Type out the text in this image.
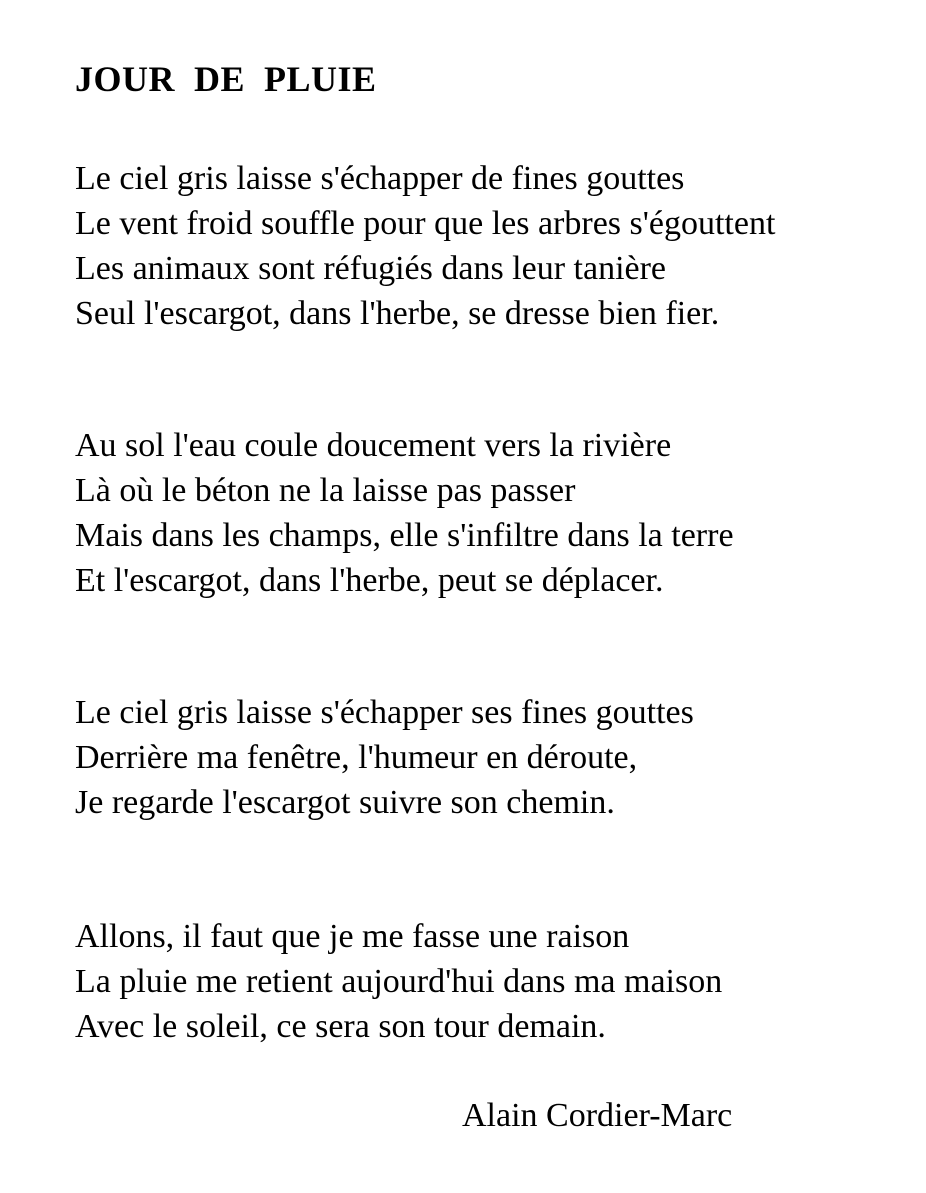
JOUR  DE  PLUIE
Le ciel gris laisse s'échapper de fines gouttes
Le vent froid souffle pour que les arbres s'égouttent
Les animaux sont réfugiés dans leur tanière
Seul l'escargot, dans l'herbe, se dresse bien fier.
Au sol l'eau coule doucement vers la rivière
Là où le béton ne la laisse pas passer
Mais dans les champs, elle s'infiltre dans la terre
Et l'escargot, dans l'herbe, peut se déplacer.
Le ciel gris laisse s'échapper ses fines gouttes
Derrière ma fenêtre, l'humeur en déroute,
Je regarde l'escargot suivre son chemin.
Allons, il faut que je me fasse une raison
La pluie me retient aujourd'hui dans ma maison
Avec le soleil, ce sera son tour demain.
Alain Cordier-Marc
